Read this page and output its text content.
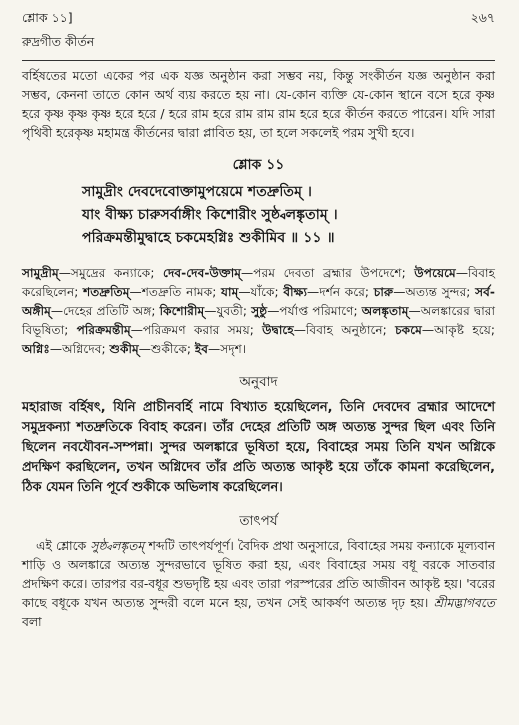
শ্লোক ১১]	২৬৭
রুদ্রগীত কীর্তন

বর্হিষতের মতো একের পর এক যজ্ঞ অনুষ্ঠান করা সম্ভব নয়, কিন্তু সংকীর্তন যজ্ঞ অনুষ্ঠান করা সম্ভব, কেননা তাতে কোন অর্থ ব্যয় করতে হয় না। যে-কোন ব্যক্তি যে-কোন স্থানে বসে হরে কৃষ্ণ হরে কৃষ্ণ কৃষ্ণ কৃষ্ণ হরে হরে / হরে রাম হরে রাম রাম রাম হরে হরে কীর্তন করতে পারেন। যদি সারা পৃথিবী হরেকৃষ্ণ মহামন্ত্র কীর্তনের দ্বারা প্লাবিত হয়, তা হলে সকলেই পরম সুখী হবে।

শ্লোক ১১
সামুদ্রীং দেবদেবোক্তামুপয়েমে শতদ্রুতিম্ ।
যাং বীক্ষ্য চারুসর্বাঙ্গীং কিশোরীং সুষ্ঠ্বলঙ্কৃতাম্ ।
পরিক্রমন্তীমুদ্বাহে চকমেহগ্নিঃ শুকীমিব ॥ ১১ ॥

সামুদ্রীম্—সমুদ্রের কন্যাকে; দেব-দেব-উক্তাম্—পরম দেবতা ব্রহ্মার উপদেশে; উপয়েমে—বিবাহ করেছিলেন; শতদ্রুতিম্—শতদ্রুতি নামক; যাম্—যাঁকে; বীক্ষ্য—দর্শন করে; চারু—অত্যন্ত সুন্দর; সর্ব-অঙ্গীম্—দেহের প্রতিটি অঙ্গ; কিশোরীম্—যুবতী; সুষ্ঠু—পর্যাপ্ত পরিমাণে; অলঙ্কৃতাম্—অলঙ্কারের দ্বারা বিভূষিতা; পরিক্রমন্তীম্—পরিক্রমণ করার সময়; উদ্বাহে—বিবাহ অনুষ্ঠানে; চকমে—আকৃষ্ট হয়ে; অগ্নিঃ—অগ্নিদেব; শুকীম্—শুকীকে; ইব—সদৃশ।

অনুবাদ

মহারাজ বর্হিষৎ, যিনি প্রাচীনবর্হি নামে বিখ্যাত হয়েছিলেন, তিনি দেবদেব ব্রহ্মার আদেশে সমুদ্রকন্যা শতদ্রুতিকে বিবাহ করেন। তাঁর দেহের প্রতিটি অঙ্গ অত্যন্ত সুন্দর ছিল এবং তিনি ছিলেন নবযৌবন-সম্পন্না। সুন্দর অলঙ্কারে ভূষিতা হয়ে, বিবাহের সময় তিনি যখন অগ্নিকে প্রদক্ষিণ করছিলেন, তখন অগ্নিদেব তাঁর প্রতি অত্যন্ত আকৃষ্ট হয়ে তাঁকে কামনা করেছিলেন, ঠিক যেমন তিনি পূর্বে শুকীকে অভিলাষ করেছিলেন।

তাৎপর্য

এই শ্লোকে সুষ্ঠ্বলঙ্কৃতম্ শব্দটি তাৎপর্যপূর্ণ। বৈদিক প্রথা অনুসারে, বিবাহের সময় কন্যাকে মূল্যবান শাড়ি ও অলঙ্কারে অত্যন্ত সুন্দরভাবে ভূষিত করা হয়, এবং বিবাহের সময় বধূ বরকে সাতবার প্রদক্ষিণ করে। তারপর বর-বধূর শুভদৃষ্টি হয় এবং তারা পরস্পরের প্রতি আজীবন আকৃষ্ট হয়। 'বরের কাছে বধূকে যখন অত্যন্ত সুন্দরী বলে মনে হয়, তখন সেই আকর্ষণ অত্যন্ত দৃঢ় হয়। শ্রীমদ্ভাগবতে বলা
